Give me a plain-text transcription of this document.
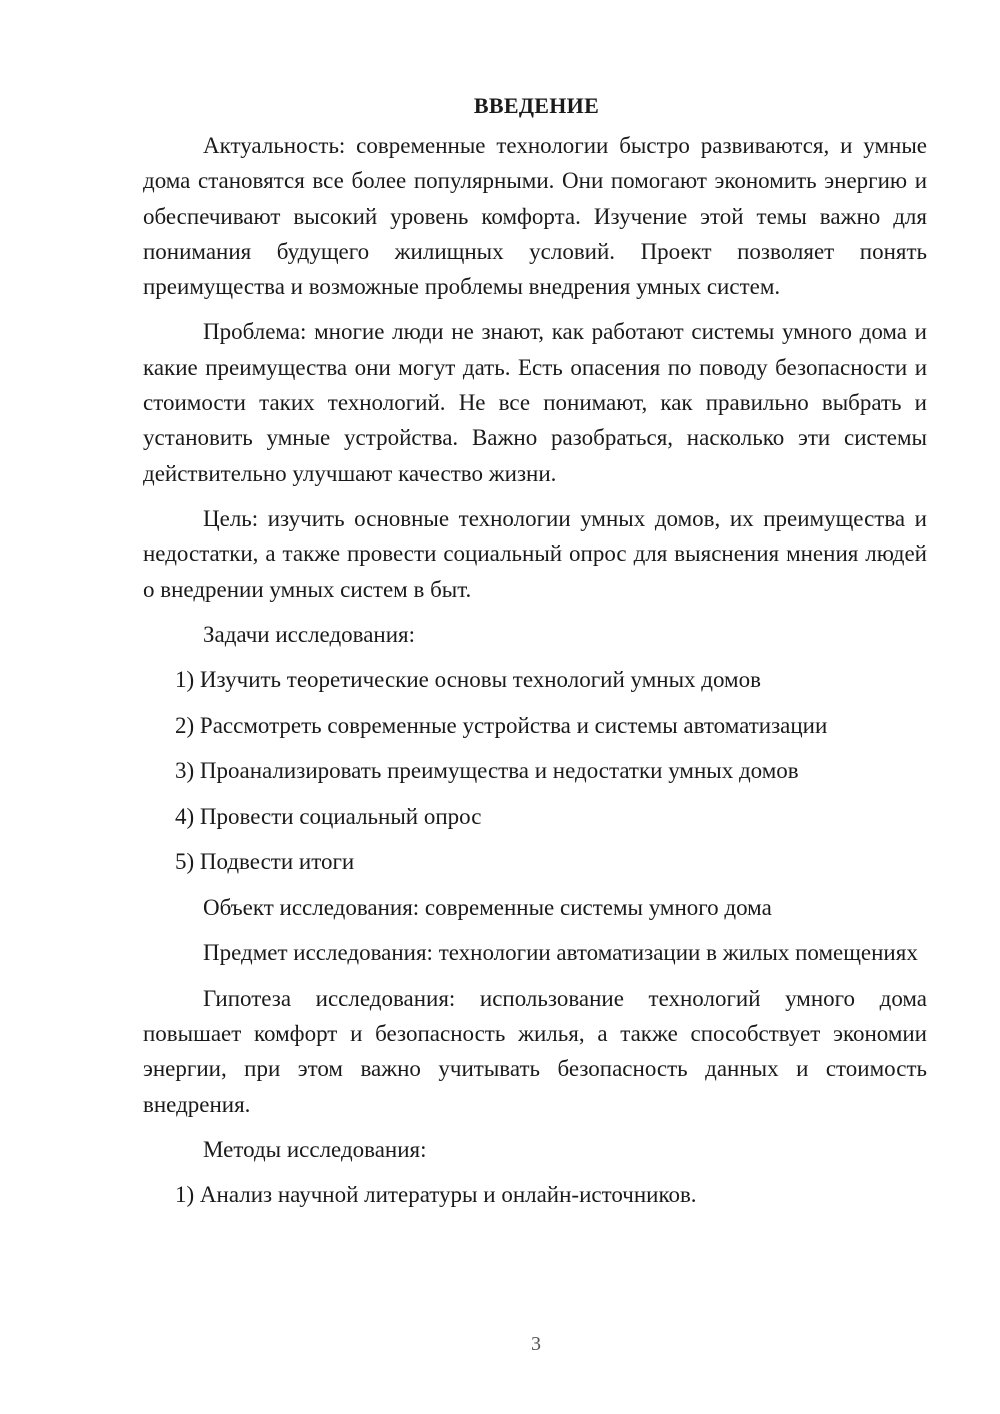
ВВЕДЕНИЕ

Актуальность: современные технологии быстро развиваются, и умные дома становятся все более популярными. Они помогают экономить энергию и обеспечивают высокий уровень комфорта. Изучение этой темы важно для понимания будущего жилищных условий. Проект позволяет понять преимущества и возможные проблемы внедрения умных систем.

Проблема: многие люди не знают, как работают системы умного дома и какие преимущества они могут дать. Есть опасения по поводу безопасности и стоимости таких технологий. Не все понимают, как правильно выбрать и установить умные устройства. Важно разобраться, насколько эти системы действительно улучшают качество жизни.

Цель: изучить основные технологии умных домов, их преимущества и недостатки, а также провести социальный опрос для выяснения мнения людей о внедрении умных систем в быт.

Задачи исследования:

1) Изучить теоретические основы технологий умных домов

2) Рассмотреть современные устройства и системы автоматизации

3) Проанализировать преимущества и недостатки умных домов

4) Провести социальный опрос

5) Подвести итоги

Объект исследования: современные системы умного дома

Предмет исследования: технологии автоматизации в жилых помещениях

Гипотеза исследования: использование технологий умного дома повышает комфорт и безопасность жилья, а также способствует экономии энергии, при этом важно учитывать безопасность данных и стоимость внедрения.

Методы исследования:

1) Анализ научной литературы и онлайн-источников.

3
